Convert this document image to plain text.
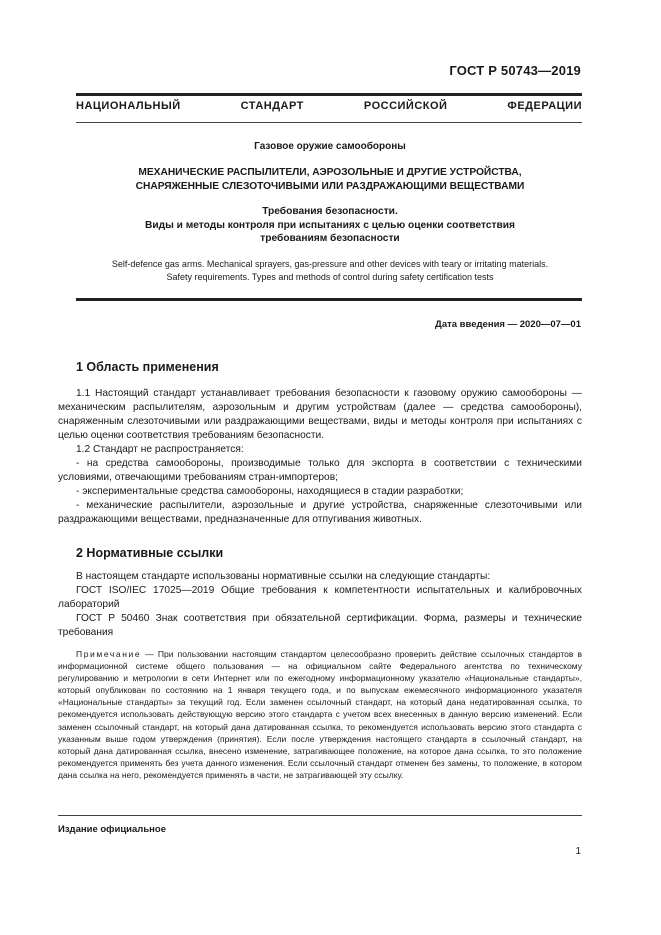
ГОСТ Р 50743—2019
НАЦИОНАЛЬНЫЙ СТАНДАРТ РОССИЙСКОЙ ФЕДЕРАЦИИ
Газовое оружие самообороны
МЕХАНИЧЕСКИЕ РАСПЫЛИТЕЛИ, АЭРОЗОЛЬНЫЕ И ДРУГИЕ УСТРОЙСТВА,
СНАРЯЖЕННЫЕ СЛЕЗОТОЧИВЫМИ ИЛИ РАЗДРАЖАЮЩИМИ ВЕЩЕСТВАМИ
Требования безопасности.
Виды и методы контроля при испытаниях с целью оценки соответствия
требованиям безопасности
Self-defence gas arms. Mechanical sprayers, gas-pressure and other devices with teary or irritating materials.
Safety requirements. Types and methods of control during safety certification tests
Дата введения — 2020—07—01
1 Область применения

1.1 Настоящий стандарт устанавливает требования безопасности к газовому оружию самообороны — механическим распылителям, аэрозольным и другим устройствам (далее — средства самообороны), снаряженным слезоточивыми или раздражающими веществами, виды и методы контроля при испытаниях с целью оценки соответствия требованиям безопасности.

1.2 Стандарт не распространяется:

- на средства самообороны, производимые только для экспорта в соответствии с техническими условиями, отвечающими требованиям стран-импортеров;

- экспериментальные средства самообороны, находящиеся в стадии разработки;

- механические распылители, аэрозольные и другие устройства, снаряженные слезоточивыми или раздражающими веществами, предназначенные для отпугивания животных.

2 Нормативные ссылки

В настоящем стандарте использованы нормативные ссылки на следующие стандарты:

ГОСТ ISO/IEC 17025—2019 Общие требования к компетентности испытательных и калибровочных лабораторий

ГОСТ Р 50460 Знак соответствия при обязательной сертификации. Форма, размеры и технические требования

Примечание — При пользовании настоящим стандартом целесообразно проверить действие ссылочных стандартов в информационной системе общего пользования — на официальном сайте Федерального агентства по техническому регулированию и метрологии в сети Интернет или по ежегодному информационному указателю «Национальные стандарты», который опубликован по состоянию на 1 января текущего года, и по выпускам ежемесячного информационного указателя «Национальные стандарты» за текущий год. Если заменен ссылочный стандарт, на который дана недатированная ссылка, то рекомендуется использовать действующую версию этого стандарта с учетом всех внесенных в данную версию изменений. Если заменен ссылочный стандарт, на который дана датированная ссылка, то рекомендуется использовать версию этого стандарта с указанным выше годом утверждения (принятия). Если после утверждения настоящего стандарта в ссылочный стандарт, на который дана датированная ссылка, внесено изменение, затрагивающее положение, на которое дана ссылка, то это положение рекомендуется применять без учета данного изменения. Если ссылочный стандарт отменен без замены, то положение, в котором дана ссылка на него, рекомендуется применять в части, не затрагивающей эту ссылку.

Издание официальное
1
